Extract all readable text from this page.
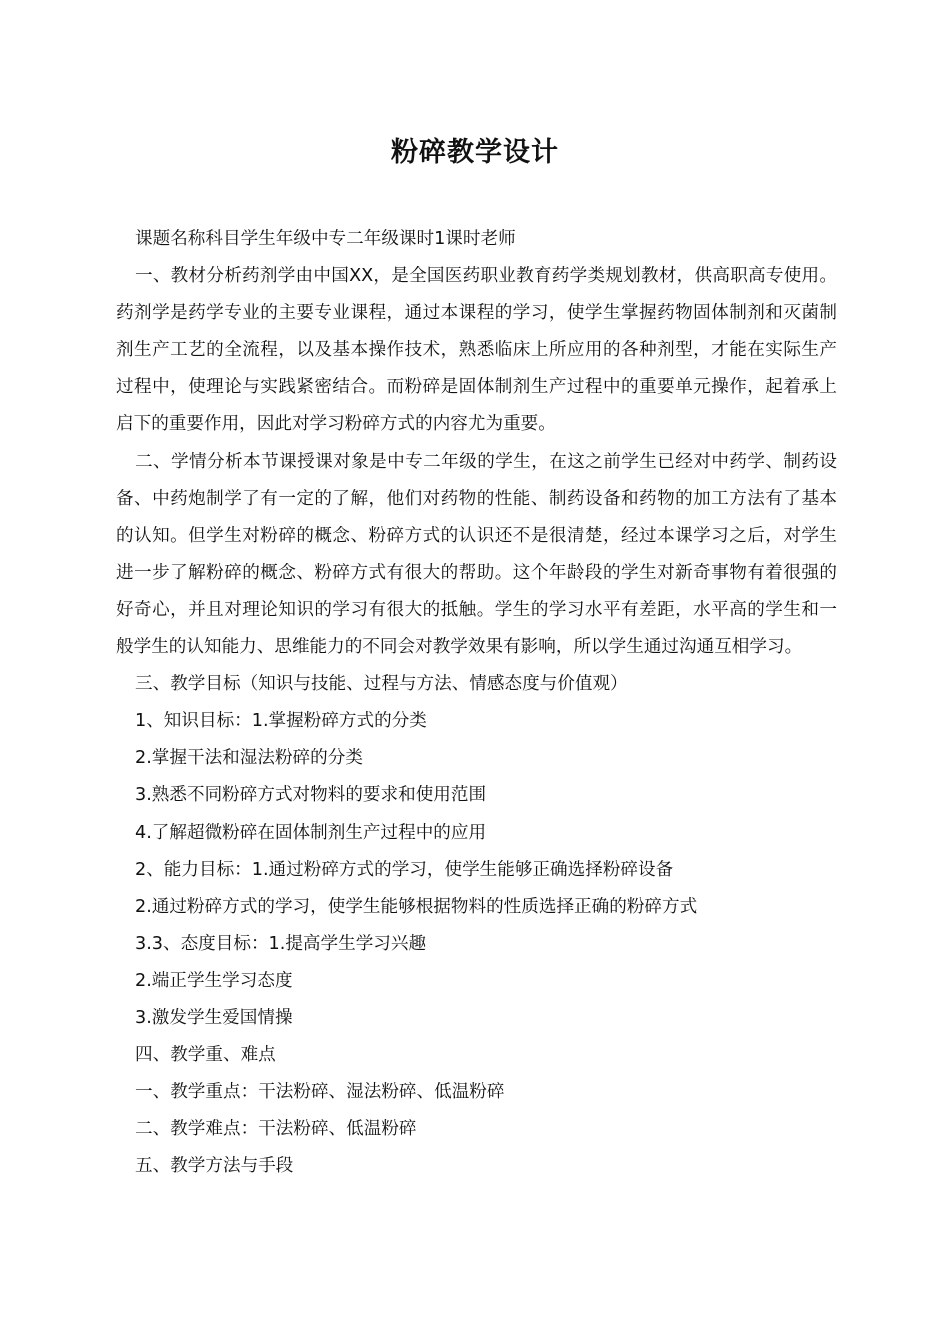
粉碎教学设计

课题名称科目学生年级中专二年级课时1课时老师

一、教材分析药剂学由中国XX，是全国医药职业教育药学类规划教材，供高职高专使用。药剂学是药学专业的主要专业课程，通过本课程的学习，使学生掌握药物固体制剂和灭菌制剂生产工艺的全流程，以及基本操作技术，熟悉临床上所应用的各种剂型，才能在实际生产过程中，使理论与实践紧密结合。而粉碎是固体制剂生产过程中的重要单元操作，起着承上启下的重要作用，因此对学习粉碎方式的内容尤为重要。

二、学情分析本节课授课对象是中专二年级的学生，在这之前学生已经对中药学、制药设备、中药炮制学了有一定的了解，他们对药物的性能、制药设备和药物的加工方法有了基本的认知。但学生对粉碎的概念、粉碎方式的认识还不是很清楚，经过本课学习之后，对学生进一步了解粉碎的概念、粉碎方式有很大的帮助。这个年龄段的学生对新奇事物有着很强的好奇心，并且对理论知识的学习有很大的抵触。学生的学习水平有差距，水平高的学生和一般学生的认知能力、思维能力的不同会对教学效果有影响，所以学生通过沟通互相学习。

三、教学目标（知识与技能、过程与方法、情感态度与价值观）

1、知识目标：1.掌握粉碎方式的分类

2.掌握干法和湿法粉碎的分类

3.熟悉不同粉碎方式对物料的要求和使用范围

4.了解超微粉碎在固体制剂生产过程中的应用

2、能力目标：1.通过粉碎方式的学习，使学生能够正确选择粉碎设备

2.通过粉碎方式的学习，使学生能够根据物料的性质选择正确的粉碎方式

3.3、态度目标：1.提高学生学习兴趣

2.端正学生学习态度

3.激发学生爱国情操

四、教学重、难点

一、教学重点：干法粉碎、湿法粉碎、低温粉碎

二、教学难点：干法粉碎、低温粉碎

五、教学方法与手段
